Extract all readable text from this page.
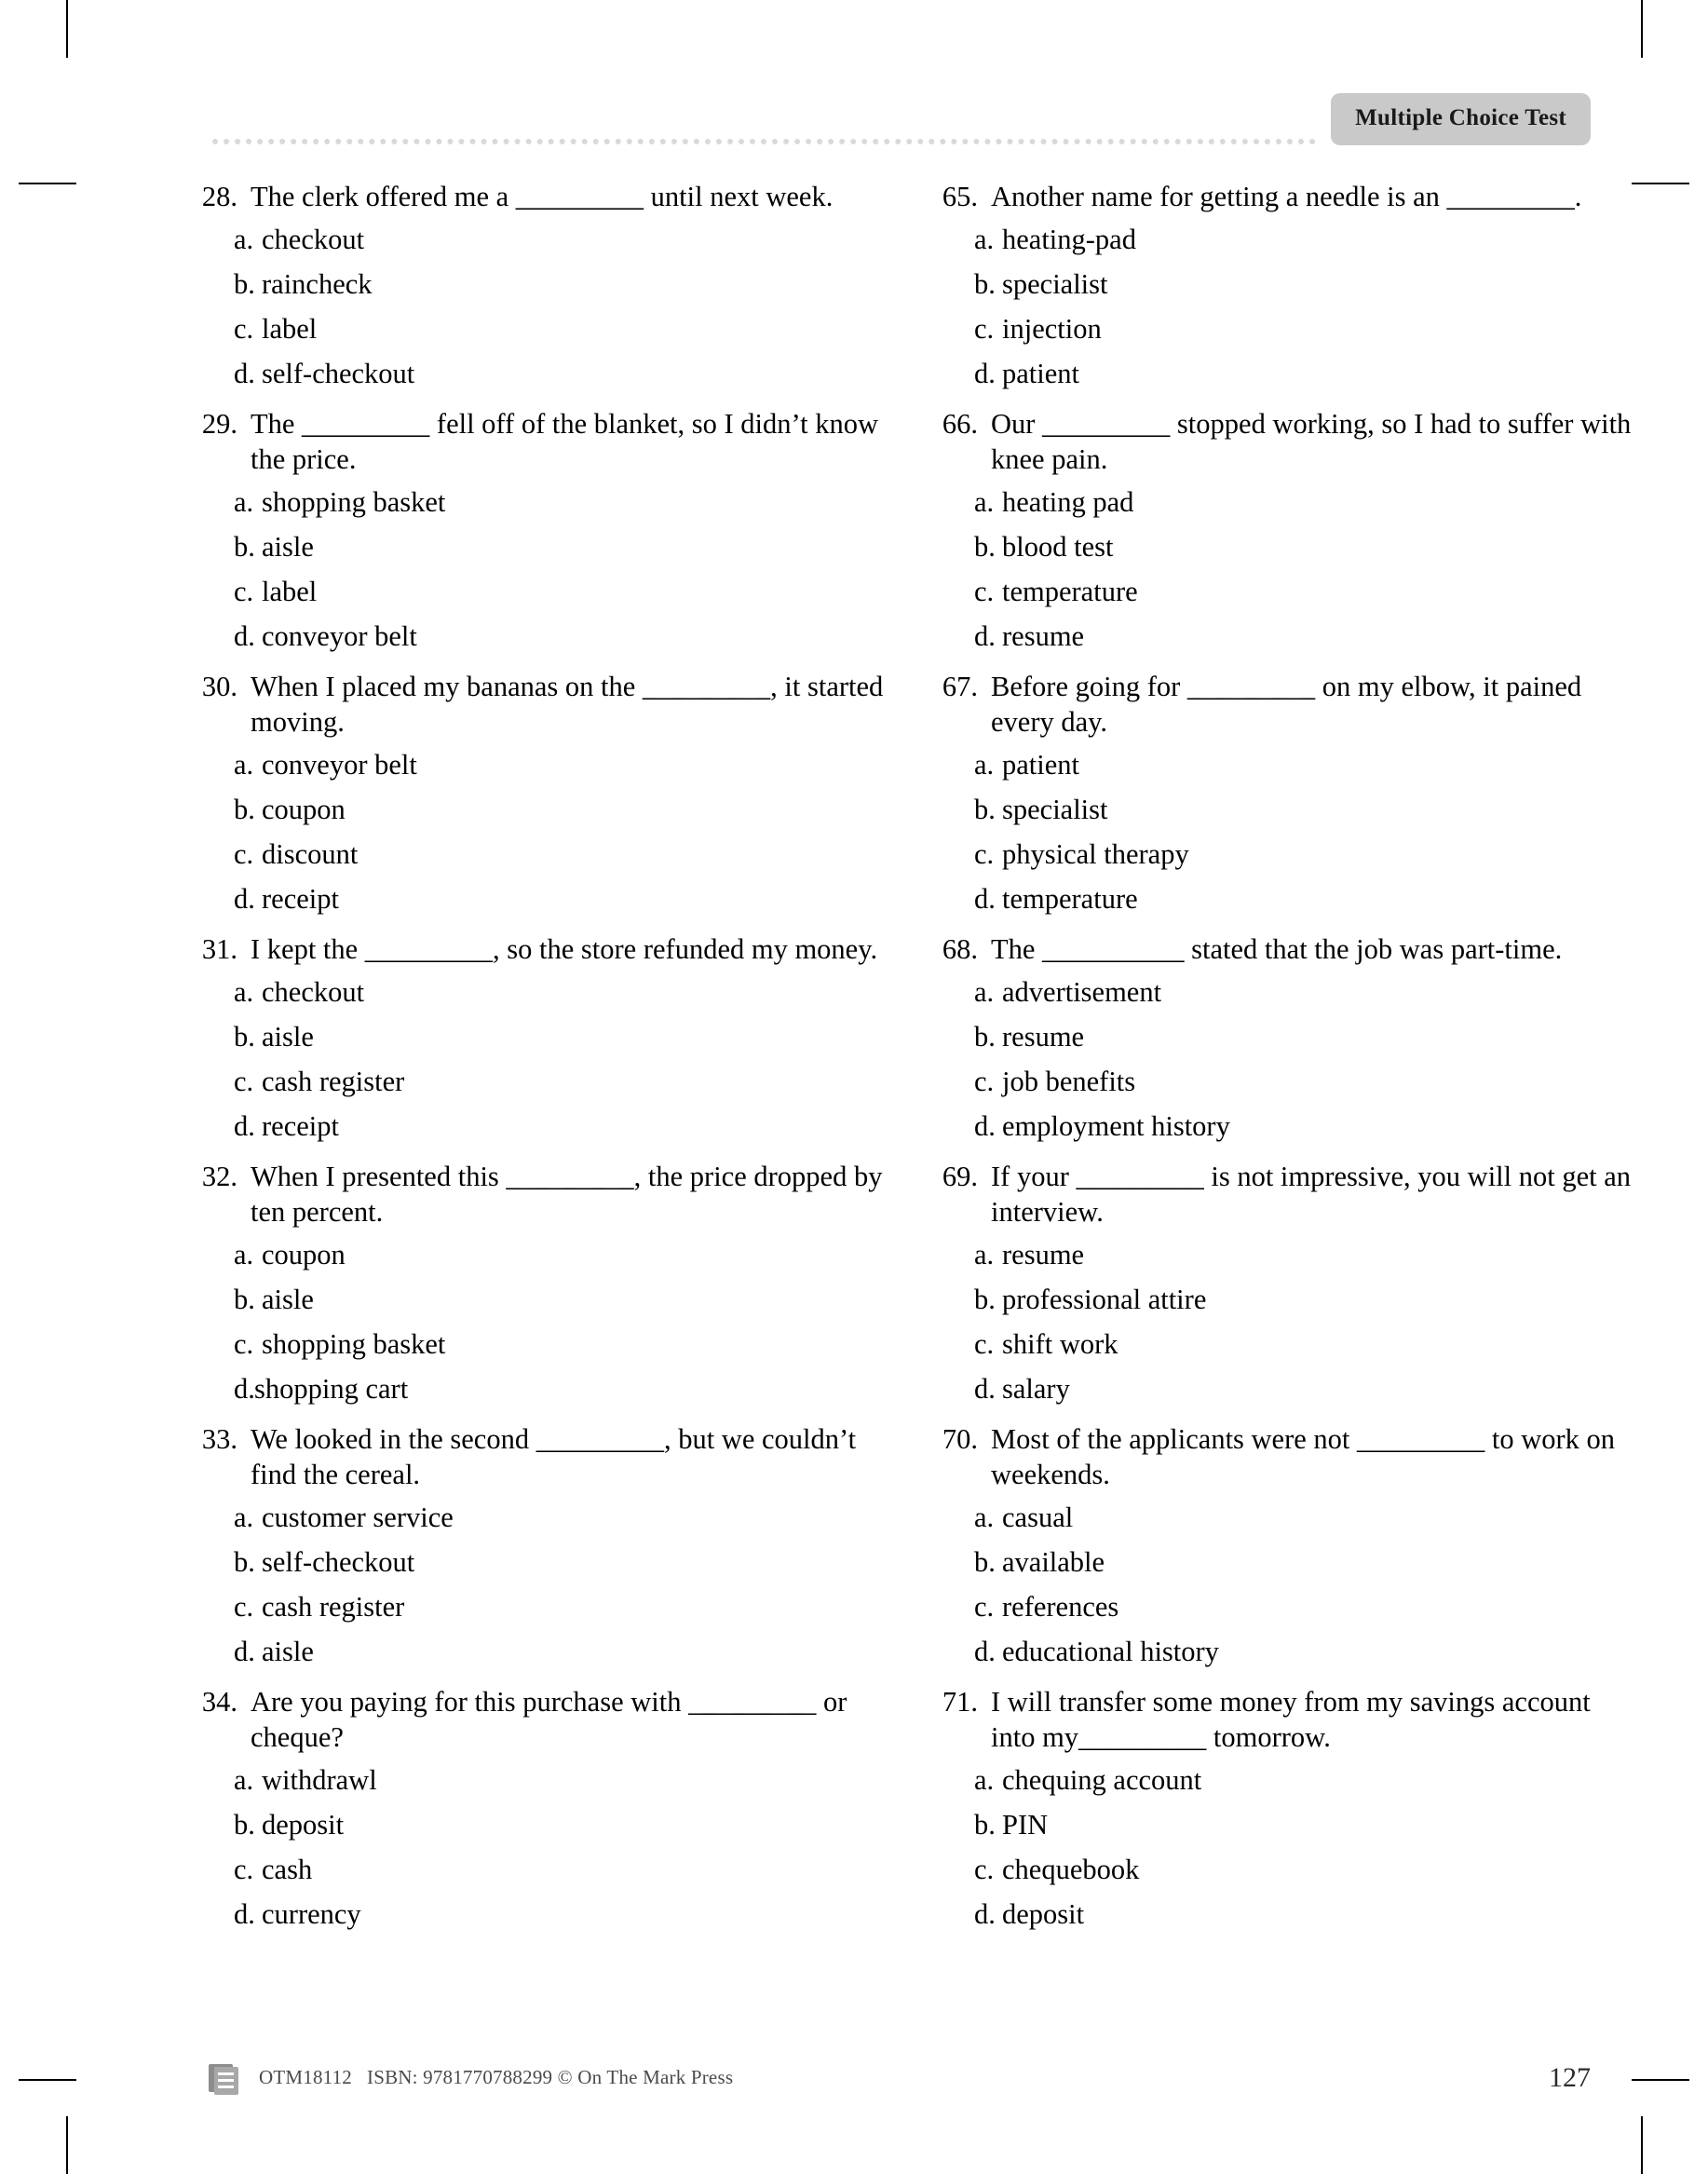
Multiple Choice Test
28. The clerk offered me a _________ until next week.
a. checkout
b. raincheck
c. label
d. self-checkout
29. The _________ fell off of the blanket, so I didn’t know the price.
a. shopping basket
b. aisle
c. label
d. conveyor belt
30. When I placed my bananas on the _________, it started moving.
a. conveyor belt
b. coupon
c. discount
d. receipt
31. I kept the _________, so the store refunded my money.
a. checkout
b. aisle
c. cash register
d. receipt
32. When I presented this _________, the price dropped by ten percent.
a. coupon
b. aisle
c. shopping basket
d. shopping cart
33. We looked in the second _________, but we couldn’t find the cereal.
a. customer service
b. self-checkout
c. cash register
d. aisle
34. Are you paying for this purchase with _________ or cheque?
a. withdrawl
b. deposit
c. cash
d. currency
65. Another name for getting a needle is an _________.
a. heating-pad
b. specialist
c. injection
d. patient
66. Our _________ stopped working, so I had to suffer with knee pain.
a. heating pad
b. blood test
c. temperature
d. resume
67. Before going for _________ on my elbow, it pained every day.
a. patient
b. specialist
c. physical therapy
d. temperature
68. The __________ stated that the job was part-time.
a. advertisement
b. resume
c. job benefits
d. employment history
69. If your _________ is not impressive, you will not get an interview.
a. resume
b. professional attire
c. shift work
d. salary
70. Most of the applicants were not _________ to work on weekends.
a. casual
b. available
c. references
d. educational history
71. I will transfer some money from my savings account into my_________ tomorrow.
a. chequing account
b. PIN
c. chequebook
d. deposit
OTM18112 ISBN: 9781770788299 © On The Mark Press	127
